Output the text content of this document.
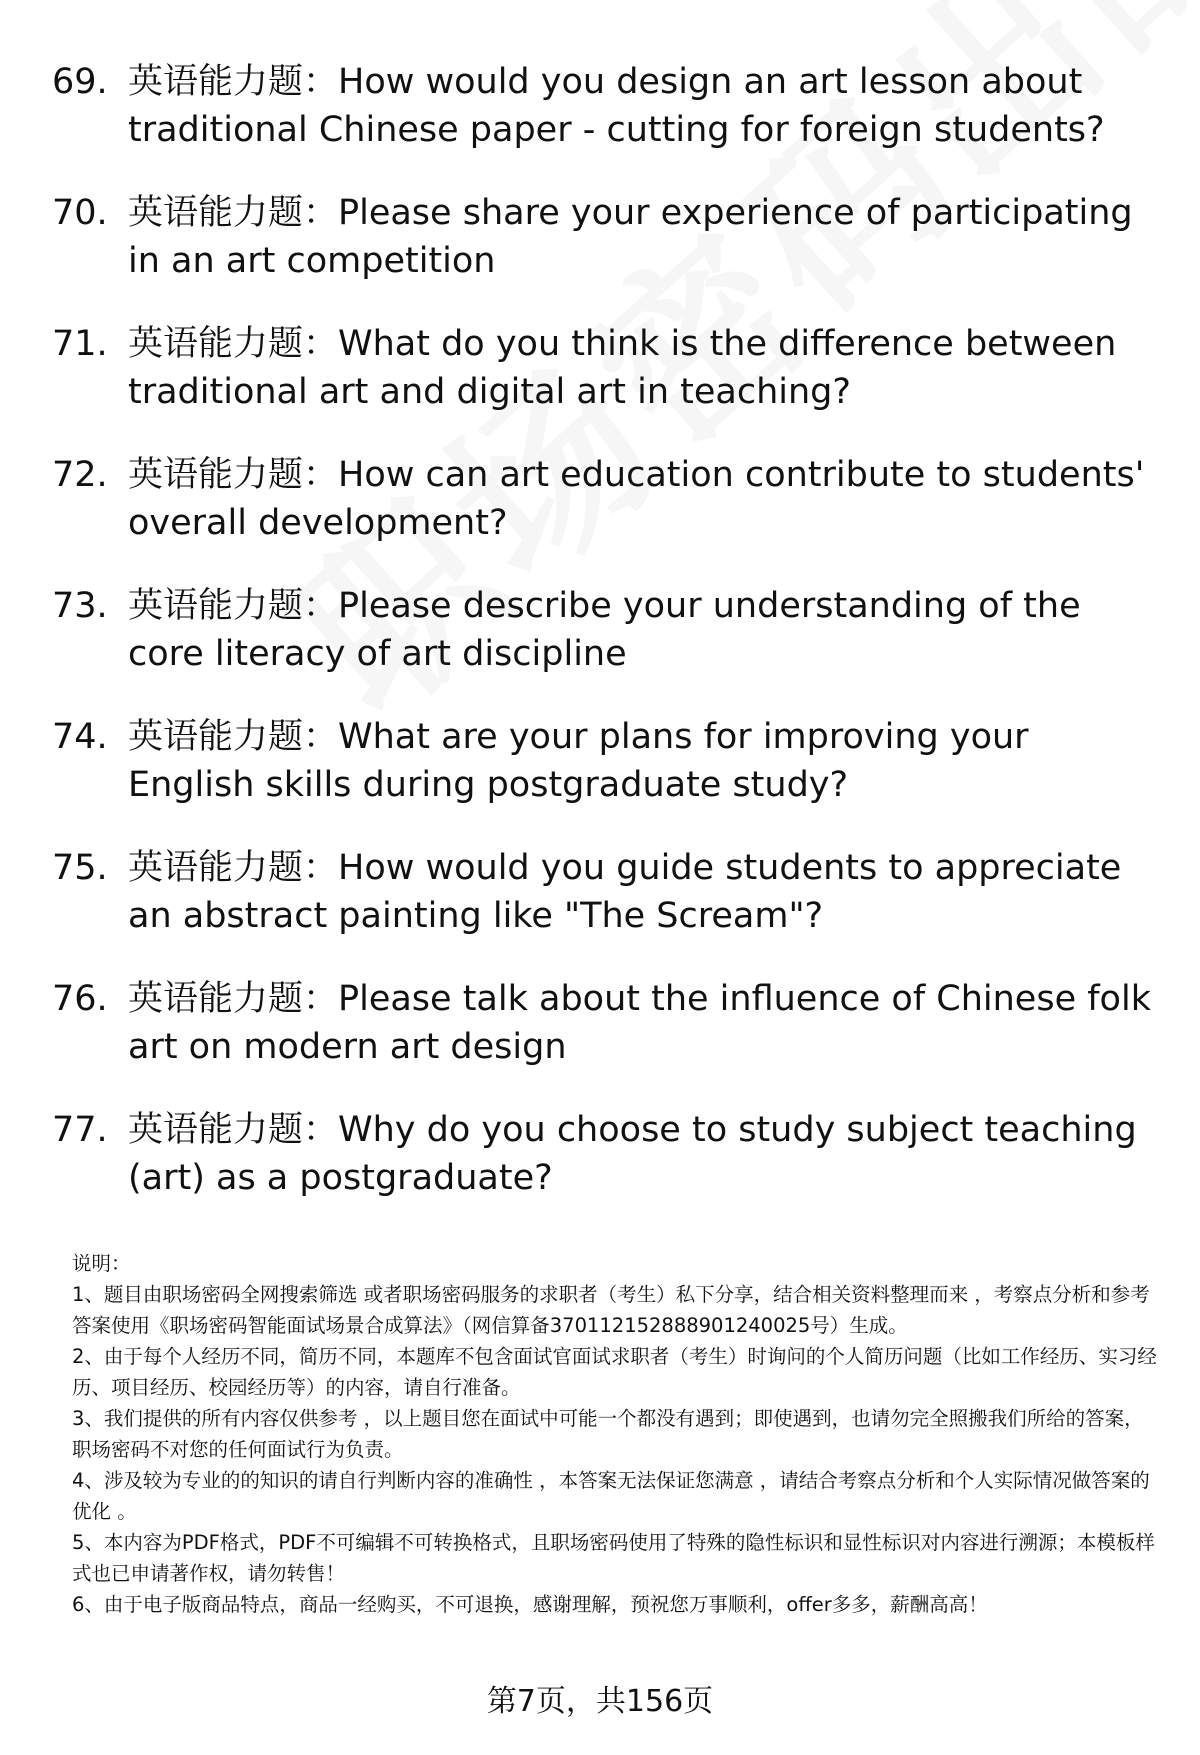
69. 英语能力题：How would you design an art lesson about traditional Chinese paper - cutting for foreign students?
70. 英语能力题：Please share your experience of participating in an art competition
71. 英语能力题：What do you think is the difference between traditional art and digital art in teaching?
72. 英语能力题：How can art education contribute to students' overall development?
73. 英语能力题：Please describe your understanding of the core literacy of art discipline
74. 英语能力题：What are your plans for improving your English skills during postgraduate study?
75. 英语能力题：How would you guide students to appreciate an abstract painting like "The Scream"?
76. 英语能力题：Please talk about the influence of Chinese folk art on modern art design
77. 英语能力题：Why do you choose to study subject teaching (art) as a postgraduate?

说明：

1、题目由职场密码全网搜索筛选 或者职场密码服务的求职者（考生）私下分享，结合相关资料整理而来 ，考察点分析和参考答案使用《职场密码智能面试场景合成算法》（网信算备370112152888901240025号）生成。

2、由于每个人经历不同，简历不同，本题库不包含面试官面试求职者（考生）时询问的个人简历问题（比如工作经历、实习经历、项目经历、校园经历等）的内容，请自行准备。

3、我们提供的所有内容仅供参考 ，以上题目您在面试中可能一个都没有遇到；即使遇到，也请勿完全照搬我们所给的答案，职场密码不对您的任何面试行为负责。

4、涉及较为专业的的知识的请自行判断内容的准确性 ，本答案无法保证您满意 ，请结合考察点分析和个人实际情况做答案的优化 。

5、本内容为PDF格式，PDF不可编辑不可转换格式，且职场密码使用了特殊的隐性标识和显性标识对内容进行溯源；本模板样式也已申请著作权，请勿转售！

6、由于电子版商品特点，商品一经购买，不可退换，感谢理解，预祝您万事顺利，offer多多，薪酬高高！

第7页，共156页
